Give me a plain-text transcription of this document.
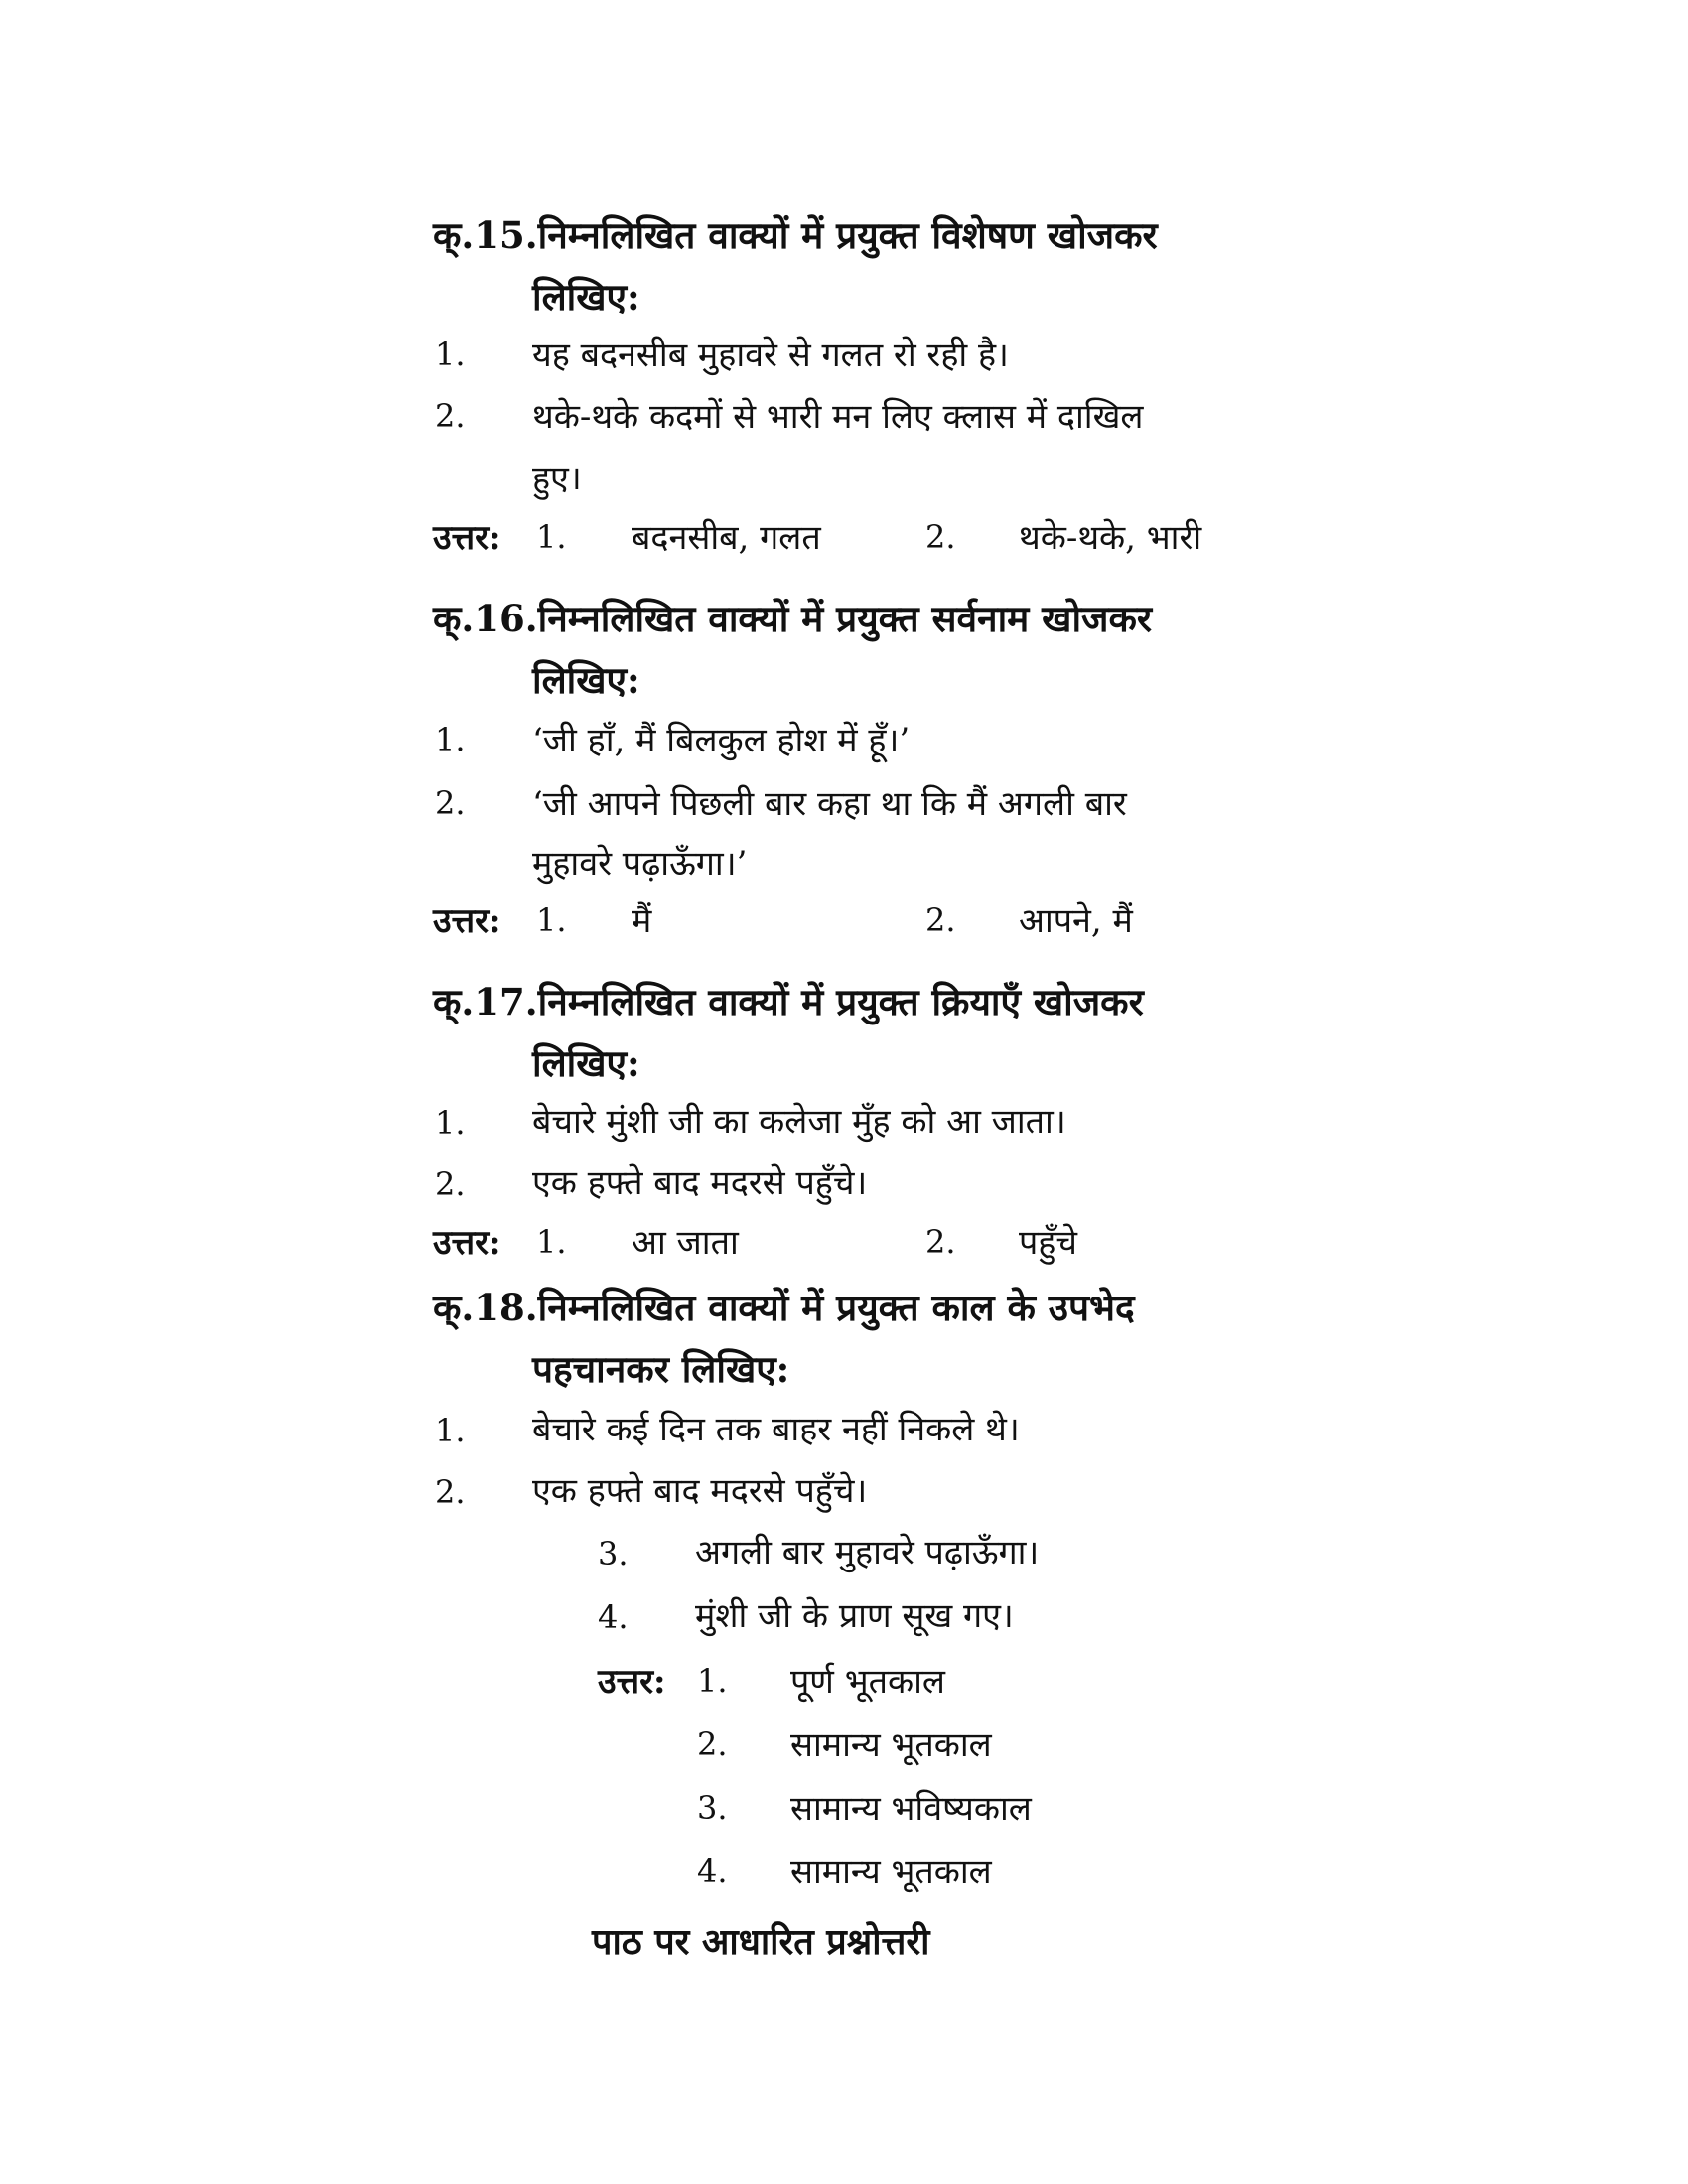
क्.15.निम्नलिखित वाक्यों में प्रयुक्त विशेषण खोजकर
लिखिए:
1. यह बदनसीब मुहावरे से गलत रो रही है।
2. थके-थके कदमों से भारी मन लिए क्लास में दाखिल
हुए।
उत्तर: 1. बदनसीब, गलत	2. थके-थके, भारी
क्.16.निम्नलिखित वाक्यों में प्रयुक्त सर्वनाम खोजकर
लिखिए:
1. ‘जी हाँ, मैं बिलकुल होश में हूँ।’
2. ‘जी आपने पिछली बार कहा था कि मैं अगली बार
मुहावरे पढ़ाऊँगा।’
उत्तर: 1. मैं	2. आपने, मैं
क्.17.निम्नलिखित वाक्यों में प्रयुक्त क्रियाएँ खोजकर
लिखिए:
1. बेचारे मुंशी जी का कलेजा मुँह को आ जाता।
2. एक हफ्ते बाद मदरसे पहुँचे।
उत्तर: 1. आ जाता	2. पहुँचे
क्.18.निम्नलिखित वाक्यों में प्रयुक्त काल के उपभेद
पहचानकर लिखिए:
1. बेचारे कई दिन तक बाहर नहीं निकले थे।
2. एक हफ्ते बाद मदरसे पहुँचे।
3. अगली बार मुहावरे पढ़ाऊँगा।
4. मुंशी जी के प्राण सूख गए।
उत्तर: 1. पूर्ण भूतकाल
2. सामान्य भूतकाल
3. सामान्य भविष्यकाल
4. सामान्य भूतकाल
पाठ पर आधारित प्रश्नोत्तरी
